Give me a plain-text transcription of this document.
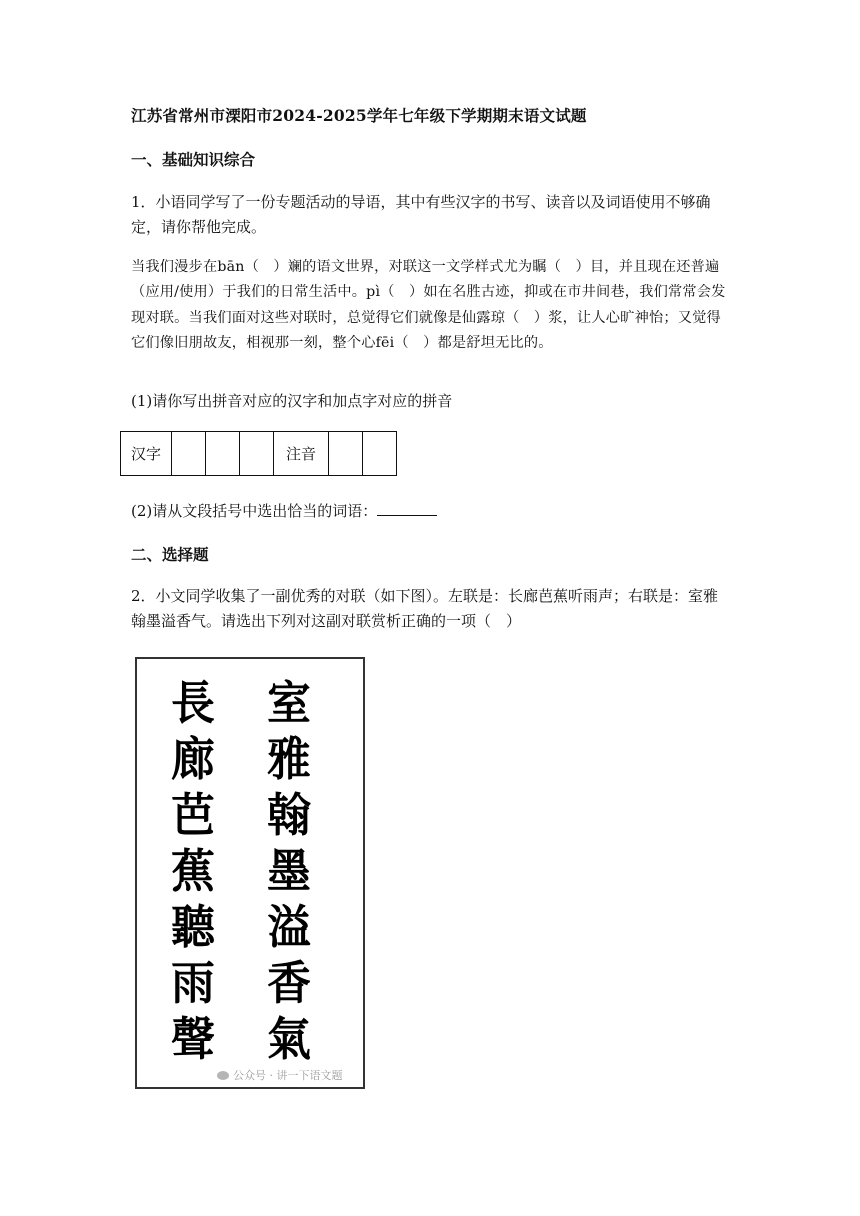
江苏省常州市溧阳市2024-2025学年七年级下学期期末语文试题
一、基础知识综合
1．小语同学写了一份专题活动的导语，其中有些汉字的书写、读音以及词语使用不够确定，请你帮他完成。
当我们漫步在bān（　）斓的语文世界，对联这一文学样式尤为瞩（　）目，并且现在还普遍（应用/使用）于我们的日常生活中。pì（　）如在名胜古迹，抑或在市井间巷，我们常常会发现对联。当我们面对这些对联时，总觉得它们就像是仙露琼（　）浆，让人心旷神怡；又觉得它们像旧朋故友，相视那一刻，整个心fēi（　）都是舒坦无比的。
(1)请你写出拼音对应的汉字和加点字对应的拼音
汉字				注音		
(2)请从文段括号中选出恰当的词语：
二、选择题
2．小文同学收集了一副优秀的对联（如下图）。左联是：长廊芭蕉听雨声；右联是：室雅翰墨溢香气。请选出下列对这副对联赏析正确的一项（　）
長
廊
芭
蕉
聽
雨
聲
室
雅
翰
墨
溢
香
氣
公众号 · 讲一下语文题
